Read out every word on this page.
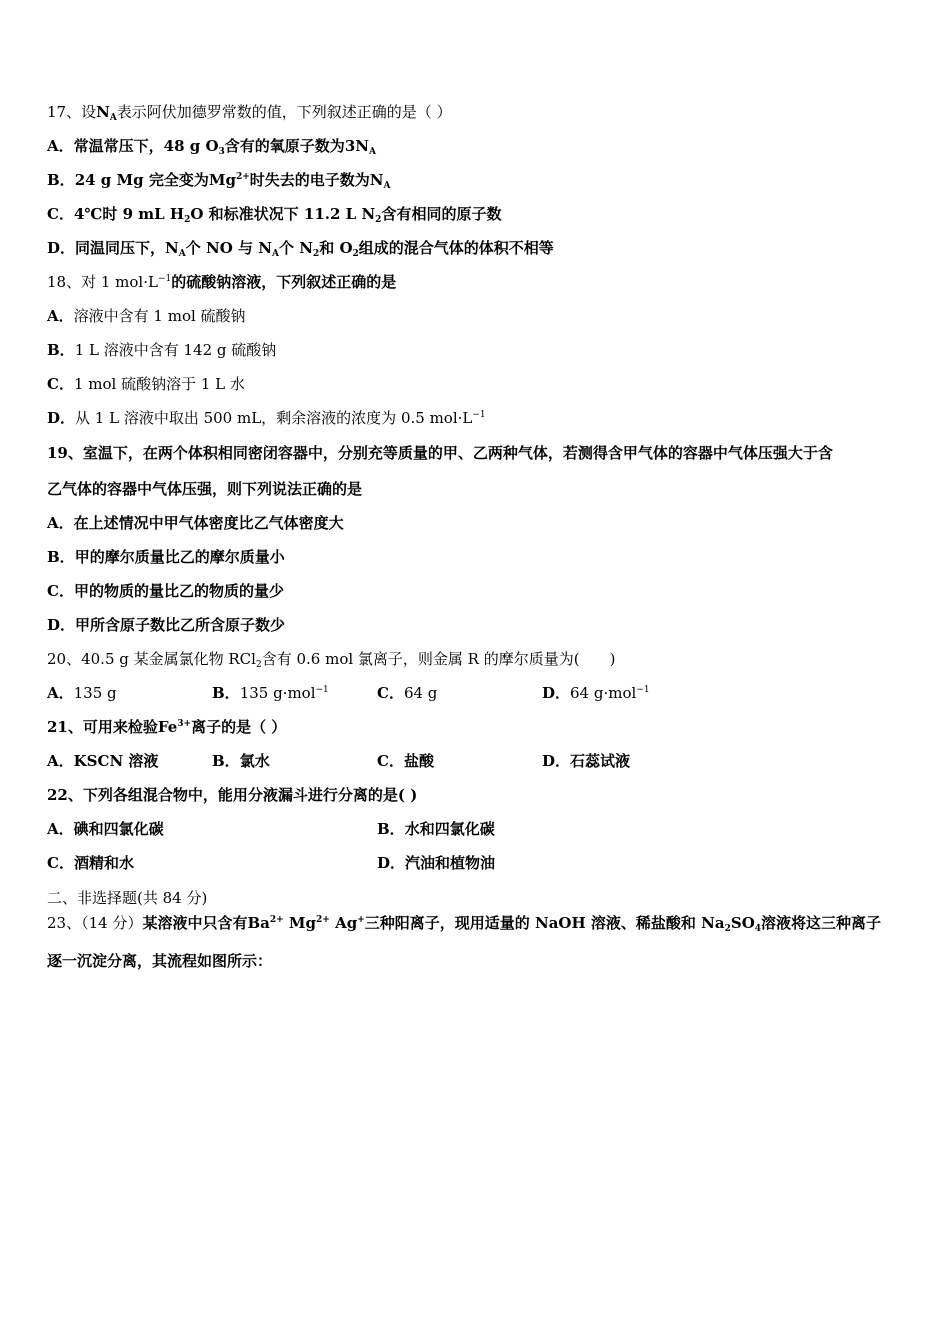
17、设$N_A$表示阿伏加德罗常数的值，下列叙述正确的是（ ）
A．常温常压下，48 g $O_3$含有的氧原子数为$3N_A$
B．24 g Mg 完全变为$Mg^{2+}$时失去的电子数为$N_A$
C．4℃时 9 mL $H_2O$ 和标准状况下 11.2 L $N_2$含有相同的原子数
D．同温同压下，$N_A$个 NO 与 $N_A$个 $N_2$和 $O_2$组成的混合气体的体积不相等
18、对 1 $mol\cdot L^{-1}$的硫酸钠溶液，下列叙述正确的是
A．溶液中含有 1 mol 硫酸钠
B．1 L 溶液中含有 142 g 硫酸钠
C．1 mol 硫酸钠溶于 1 L 水
D．从 1 L 溶液中取出 500 mL，剩余溶液的浓度为 0.5 $mol\cdot L^{-1}$
19、室温下，在两个体积相同密闭容器中，分别充等质量的甲、乙两种气体，若测得含甲气体的容器中气体压强大于含
乙气体的容器中气体压强，则下列说法正确的是
A．在上述情况中甲气体密度比乙气体密度大
B．甲的摩尔质量比乙的摩尔质量小
C．甲的物质的量比乙的物质的量少
D．甲所含原子数比乙所含原子数少
20、40.5 g 某金属氯化物 RCl$_2$含有 0.6 mol 氯离子，则金属 R 的摩尔质量为(　　)
A．135 g	B．135 g·mol$^{-1}$	C．64 g	D．64 g·mol$^{-1}$
21、可用来检验$Fe^{3+}$离子的是（ ）
A．KSCN 溶液	B．氯水	C．盐酸	D．石蕊试液
22、下列各组混合物中，能用分液漏斗进行分离的是( )
A．碘和四氯化碳	B．水和四氯化碳
C．酒精和水	D．汽油和植物油
二、非选择题(共 84 分)
23、（14 分）某溶液中只含有$Ba^{2+}$ $Mg^{2+}$ Ag+三种阳离子，现用适量的 NaOH 溶液、稀盐酸和 $Na_2SO_4$溶液将这三种离子
逐一沉淀分离，其流程如图所示：
